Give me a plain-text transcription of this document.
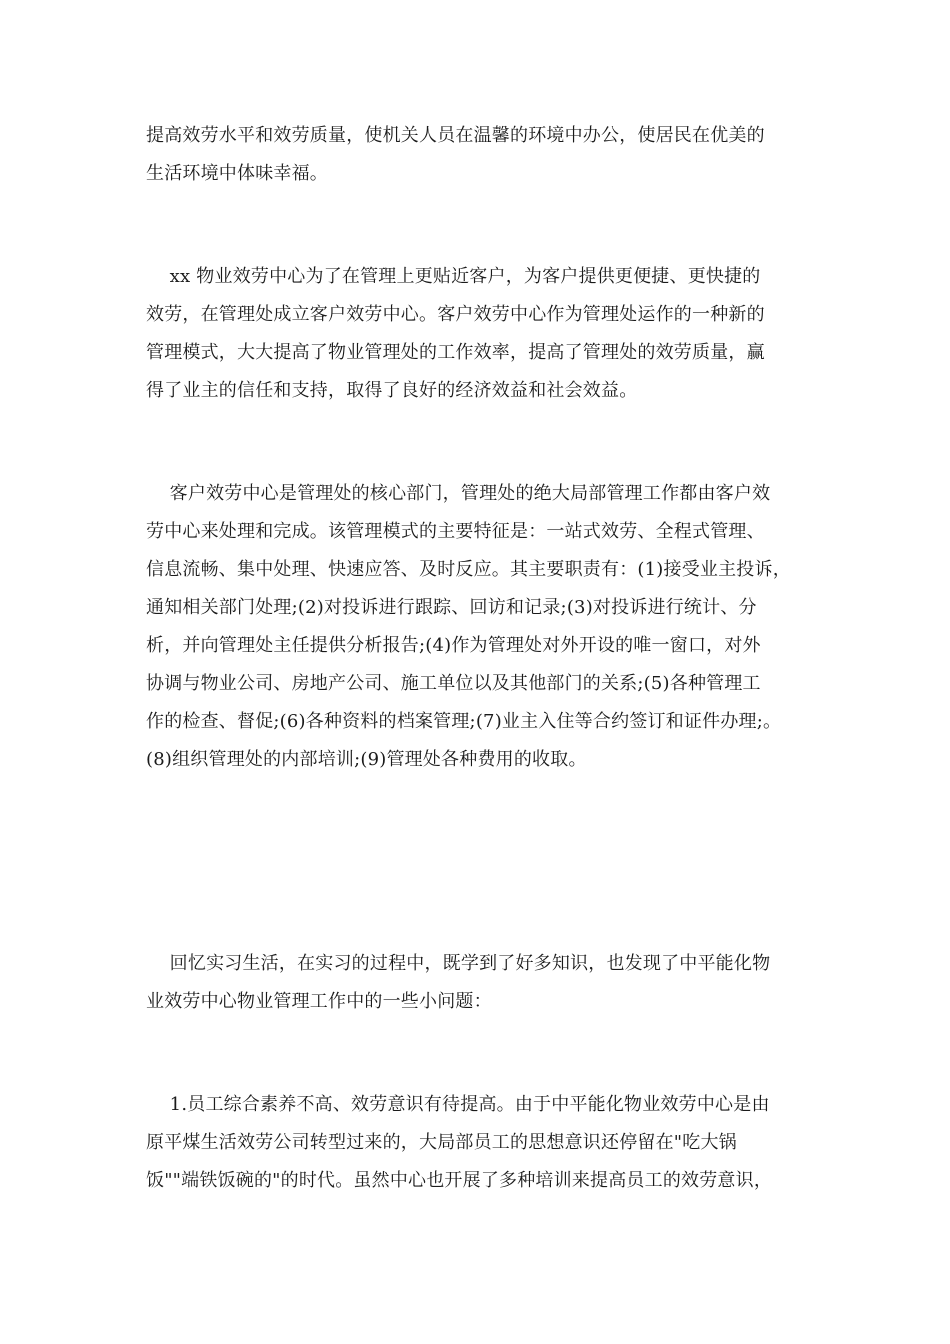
提高效劳水平和效劳质量，使机关人员在温馨的环境中办公，使居民在优美的
生活环境中体味幸福。
xx 物业效劳中心为了在管理上更贴近客户，为客户提供更便捷、更快捷的
效劳，在管理处成立客户效劳中心。客户效劳中心作为管理处运作的一种新的
管理模式，大大提高了物业管理处的工作效率，提高了管理处的效劳质量，赢
得了业主的信任和支持，取得了良好的经济效益和社会效益。
客户效劳中心是管理处的核心部门，管理处的绝大局部管理工作都由客户效
劳中心来处理和完成。该管理模式的主要特征是：一站式效劳、全程式管理、
信息流畅、集中处理、快速应答、及时反应。其主要职责有：(1)接受业主投诉，
通知相关部门处理;(2)对投诉进行跟踪、回访和记录;(3)对投诉进行统计、分
析，并向管理处主任提供分析报告;(4)作为管理处对外开设的唯一窗口，对外
协调与物业公司、房地产公司、施工单位以及其他部门的关系;(5)各种管理工
作的检查、督促;(6)各种资料的档案管理;(7)业主入住等合约签订和证件办理;。
(8)组织管理处的内部培训;(9)管理处各种费用的收取。
回忆实习生活，在实习的过程中，既学到了好多知识，也发现了中平能化物
业效劳中心物业管理工作中的一些小问题：
1.员工综合素养不高、效劳意识有待提高。由于中平能化物业效劳中心是由
原平煤生活效劳公司转型过来的，大局部员工的思想意识还停留在"吃大锅
饭""端铁饭碗的"的时代。虽然中心也开展了多种培训来提高员工的效劳意识，
